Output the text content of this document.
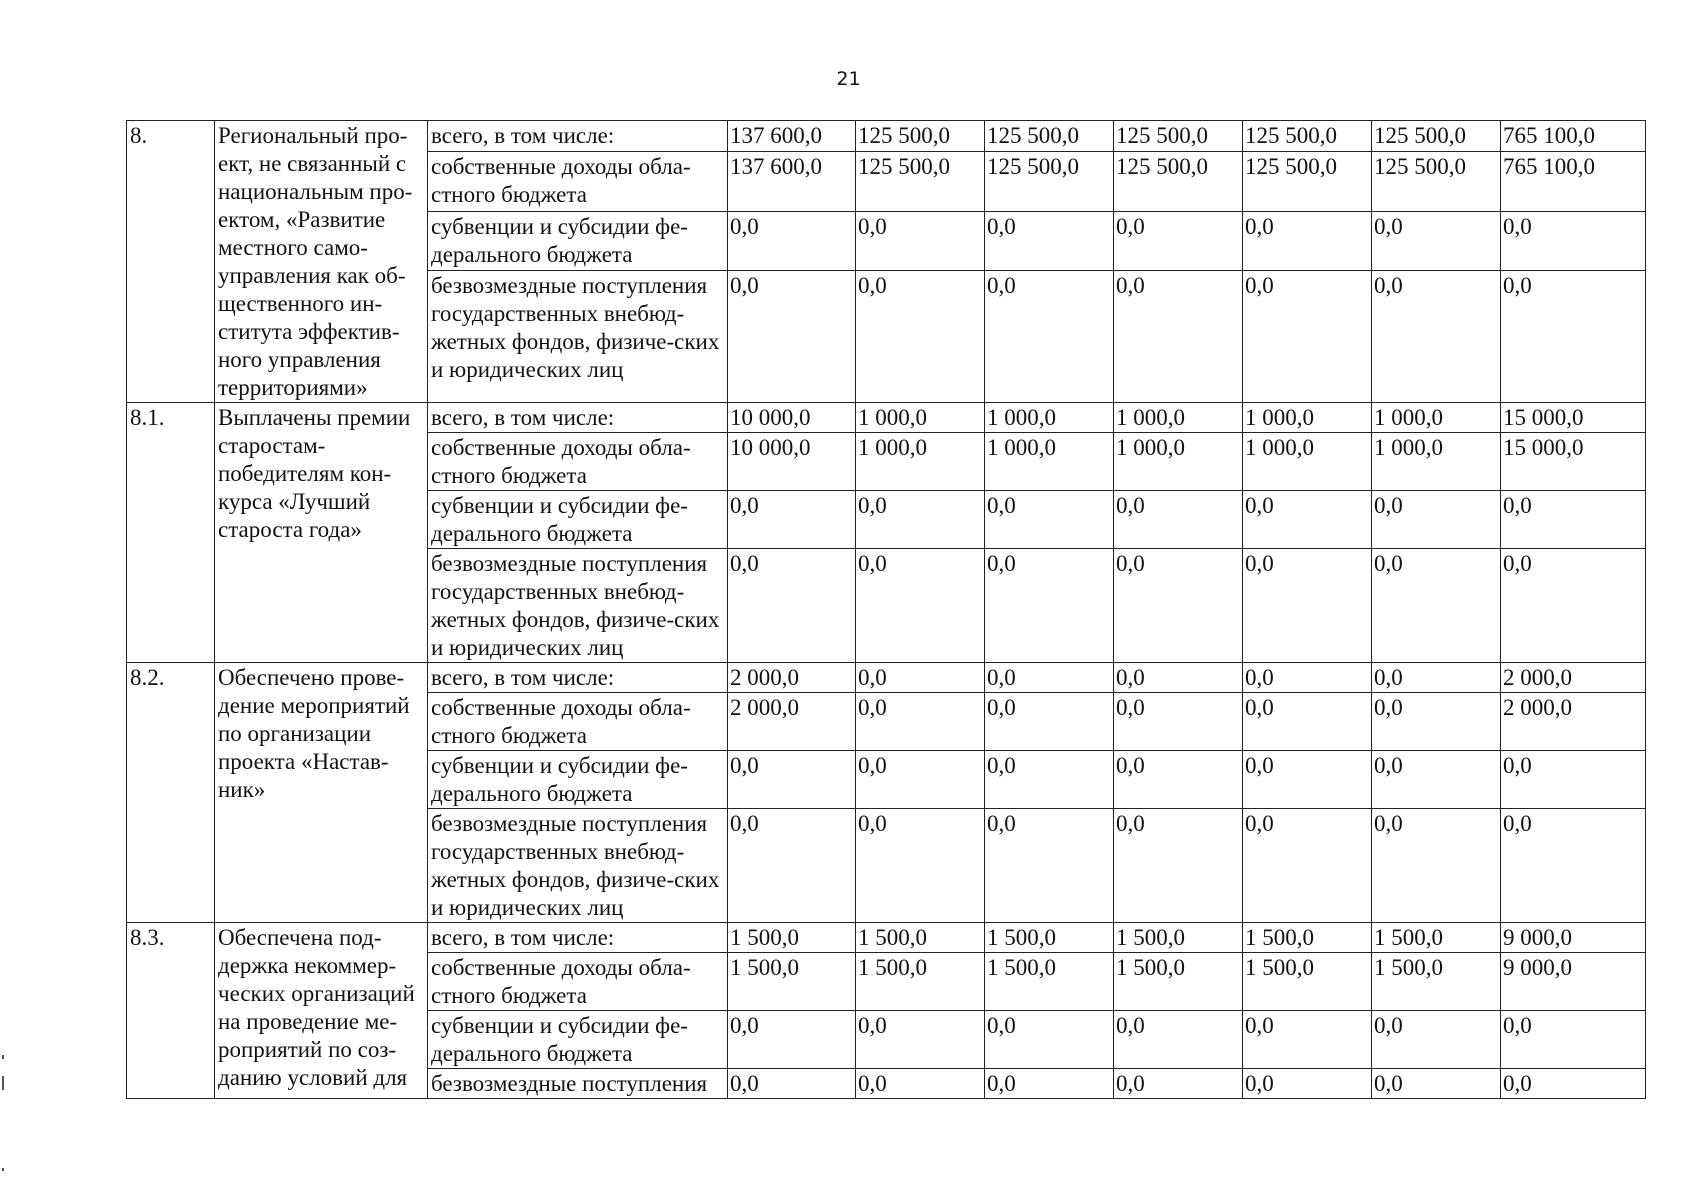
21
8.	Региональный про-ект, не связанный с национальным про-ектом, «Развитие местного само-управления как об-щественного ин-ститута эффектив-ного управления территориями»	всего, в том числе:	137 600,0	125 500,0	125 500,0	125 500,0	125 500,0	125 500,0	765 100,0
		собственные доходы обла-стного бюджета	137 600,0	125 500,0	125 500,0	125 500,0	125 500,0	125 500,0	765 100,0
		субвенции и субсидии фе-дерального бюджета	0,0	0,0	0,0	0,0	0,0	0,0	0,0
		безвозмездные поступления государственных внебюд-жетных фондов, физиче-ских и юридических лиц	0,0	0,0	0,0	0,0	0,0	0,0	0,0
8.1.	Выплачены премии старостам-победителям кон-курса «Лучший староста года»	всего, в том числе:	10 000,0	1 000,0	1 000,0	1 000,0	1 000,0	1 000,0	15 000,0
		собственные доходы обла-стного бюджета	10 000,0	1 000,0	1 000,0	1 000,0	1 000,0	1 000,0	15 000,0
		субвенции и субсидии фе-дерального бюджета	0,0	0,0	0,0	0,0	0,0	0,0	0,0
		безвозмездные поступления государственных внебюд-жетных фондов, физиче-ских и юридических лиц	0,0	0,0	0,0	0,0	0,0	0,0	0,0
8.2.	Обеспечено прове-дение мероприятий по организации проекта «Настав-ник»	всего, в том числе:	2 000,0	0,0	0,0	0,0	0,0	0,0	2 000,0
		собственные доходы обла-стного бюджета	2 000,0	0,0	0,0	0,0	0,0	0,0	2 000,0
		субвенции и субсидии фе-дерального бюджета	0,0	0,0	0,0	0,0	0,0	0,0	0,0
		безвозмездные поступления государственных внебюд-жетных фондов, физиче-ских и юридических лиц	0,0	0,0	0,0	0,0	0,0	0,0	0,0
8.3.	Обеспечена под-держка некоммер-ческих организаций на проведение ме-роприятий по соз-данию условий для	всего, в том числе:	1 500,0	1 500,0	1 500,0	1 500,0	1 500,0	1 500,0	9 000,0
		собственные доходы обла-стного бюджета	1 500,0	1 500,0	1 500,0	1 500,0	1 500,0	1 500,0	9 000,0
		субвенции и субсидии фе-дерального бюджета	0,0	0,0	0,0	0,0	0,0	0,0	0,0
		безвозмездные поступления	0,0	0,0	0,0	0,0	0,0	0,0	0,0
